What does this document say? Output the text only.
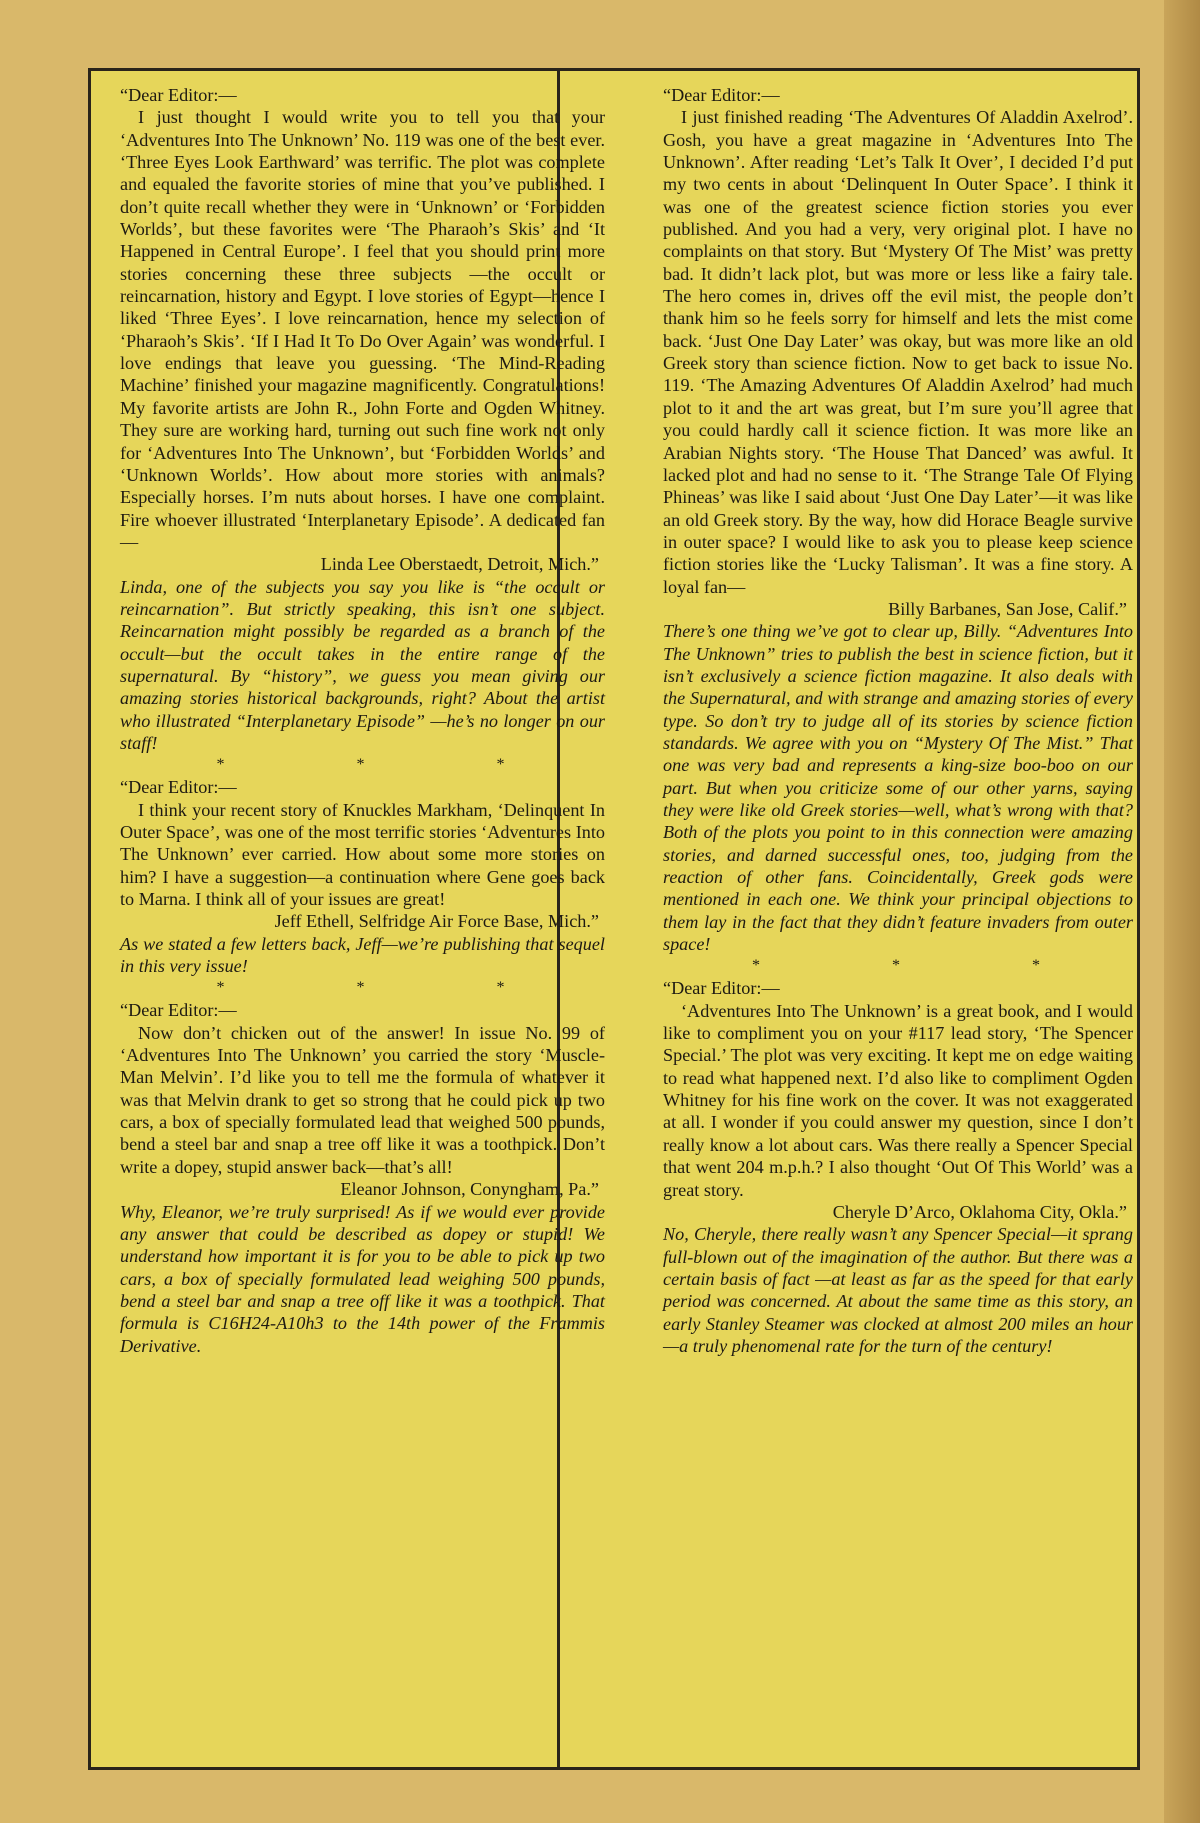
“Dear Editor:—
I just thought I would write you to tell you that your ‘Adventures Into The Unknown’ No. 119 was one of the best ever. ‘Three Eyes Look Earthward’ was terrific. The plot was complete and equaled the favorite stories of mine that you’ve published. I don’t quite recall whether they were in ‘Unknown’ or ‘Forbidden Worlds’, but these favorites were ‘The Pharaoh’s Skis’ and ‘It Happened in Central Europe’. I feel that you should print more stories concerning these three subjects —the occult or reincarnation, history and Egypt. I love stories of Egypt—hence I liked ‘Three Eyes’. I love reincarnation, hence my selection of ‘Pharaoh’s Skis’. ‘If I Had It To Do Over Again’ was wonderful. I love endings that leave you guessing. ‘The Mind-Reading Machine’ finished your magazine magnificently. Congratulations! My favorite artists are John R., John Forte and Ogden Whitney. They sure are working hard, turning out such fine work not only for ‘Adventures Into The Unknown’, but ‘Forbidden Worlds’ and ‘Unknown Worlds’. How about more stories with animals? Especially horses. I’m nuts about horses. I have one complaint. Fire whoever illustrated ‘Interplanetary Episode’. A dedicated fan—
Linda Lee Oberstaedt, Detroit, Mich.”
Linda, one of the subjects you say you like is “the occult or reincarnation”. But strictly speaking, this isn’t one subject. Reincarnation might possibly be regarded as a branch of the occult—but the occult takes in the entire range of the supernatural. By “history”, we guess you mean giving our amazing stories historical backgrounds, right? About the artist who illustrated “Interplanetary Episode” —he’s no longer on our staff!
* * *
“Dear Editor:—
I think your recent story of Knuckles Markham, ‘Delinquent In Outer Space’, was one of the most terrific stories ‘Adventures Into The Unknown’ ever carried. How about some more stories on him? I have a suggestion—a continuation where Gene goes back to Marna. I think all of your issues are great!
Jeff Ethell, Selfridge Air Force Base, Mich.”
As we stated a few letters back, Jeff—we’re publishing that sequel in this very issue!
* * *
“Dear Editor:—
Now don’t chicken out of the answer! In issue No. 99 of ‘Adventures Into The Unknown’ you carried the story ‘Muscle-Man Melvin’. I’d like you to tell me the formula of whatever it was that Melvin drank to get so strong that he could pick up two cars, a box of specially formulated lead that weighed 500 pounds, bend a steel bar and snap a tree off like it was a toothpick. Don’t write a dopey, stupid answer back—that’s all!
Eleanor Johnson, Conyngham, Pa.”
Why, Eleanor, we’re truly surprised! As if we would ever provide any answer that could be described as dopey or stupid! We understand how important it is for you to be able to pick up two cars, a box of specially formulated lead weighing 500 pounds, bend a steel bar and snap a tree off like it was a toothpick. That formula is C16H24-A10h3 to the 14th power of the Frammis Derivative.
“Dear Editor:—
I just finished reading ‘The Adventures Of Aladdin Axelrod’. Gosh, you have a great magazine in ‘Adventures Into The Unknown’. After reading ‘Let’s Talk It Over’, I decided I’d put my two cents in about ‘Delinquent In Outer Space’. I think it was one of the greatest science fiction stories you ever published. And you had a very, very original plot. I have no complaints on that story. But ‘Mystery Of The Mist’ was pretty bad. It didn’t lack plot, but was more or less like a fairy tale. The hero comes in, drives off the evil mist, the people don’t thank him so he feels sorry for himself and lets the mist come back. ‘Just One Day Later’ was okay, but was more like an old Greek story than science fiction. Now to get back to issue No. 119. ‘The Amazing Adventures Of Aladdin Axelrod’ had much plot to it and the art was great, but I’m sure you’ll agree that you could hardly call it science fiction. It was more like an Arabian Nights story. ‘The House That Danced’ was awful. It lacked plot and had no sense to it. ‘The Strange Tale Of Flying Phineas’ was like I said about ‘Just One Day Later’—it was like an old Greek story. By the way, how did Horace Beagle survive in outer space? I would like to ask you to please keep science fiction stories like the ‘Lucky Talisman’. It was a fine story. A loyal fan—
Billy Barbanes, San Jose, Calif.”
There’s one thing we’ve got to clear up, Billy. “Adventures Into The Unknown” tries to publish the best in science fiction, but it isn’t exclusively a science fiction magazine. It also deals with the Supernatural, and with strange and amazing stories of every type. So don’t try to judge all of its stories by science fiction standards. We agree with you on “Mystery Of The Mist.” That one was very bad and represents a king-size boo-boo on our part. But when you criticize some of our other yarns, saying they were like old Greek stories—well, what’s wrong with that? Both of the plots you point to in this connection were amazing stories, and darned successful ones, too, judging from the reaction of other fans. Coincidentally, Greek gods were mentioned in each one. We think your principal objections to them lay in the fact that they didn’t feature invaders from outer space!
* * *
“Dear Editor:—
‘Adventures Into The Unknown’ is a great book, and I would like to compliment you on your #117 lead story, ‘The Spencer Special.’ The plot was very exciting. It kept me on edge waiting to read what happened next. I’d also like to compliment Ogden Whitney for his fine work on the cover. It was not exaggerated at all. I wonder if you could answer my question, since I don’t really know a lot about cars. Was there really a Spencer Special that went 204 m.p.h.? I also thought ‘Out Of This World’ was a great story.
Cheryle D’Arco, Oklahoma City, Okla.”
No, Cheryle, there really wasn’t any Spencer Special—it sprang full-blown out of the imagination of the author. But there was a certain basis of fact —at least as far as the speed for that early period was concerned. At about the same time as this story, an early Stanley Steamer was clocked at almost 200 miles an hour—a truly phenomenal rate for the turn of the century!
